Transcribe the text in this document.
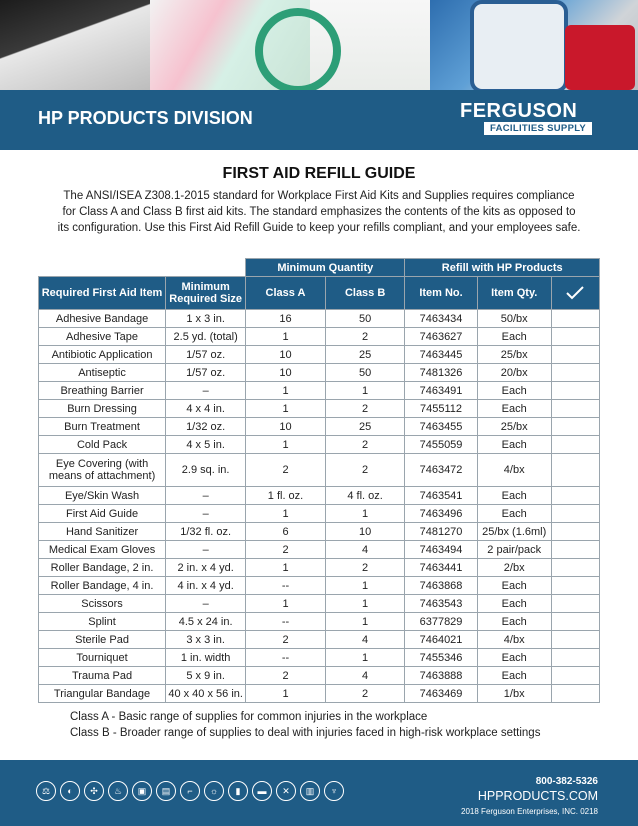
HP PRODUCTS DIVISION	FERGUSON
FACILITIES SUPPLY
FIRST AID REFILL GUIDE
The ANSI/ISEA Z308.1-2015 standard for Workplace First Aid Kits and Supplies requires compliance
for Class A and Class B first aid kits. The standard emphasizes the contents of the kits as opposed to
its configuration. Use this First Aid Refill Guide to keep your refills compliant, and your employees safe.
		Minimum Quantity		Refill with HP Products		
Required First Aid Item	Minimum Required Size	Class A	Class B	Item No.	Item Qty.	

Adhesive Bandage	1 x 3 in.	16	50	7463434	50/bx	
Adhesive Tape	2.5 yd. (total)	1	2	7463627	Each	
Antibiotic Application	1/57 oz.	10	25	7463445	25/bx	
Antiseptic	1/57 oz.	10	50	7481326	20/bx	
Breathing Barrier	–	1	1	7463491	Each	
Burn Dressing	4 x 4 in.	1	2	7455112	Each	
Burn Treatment	1/32 oz.	10	25	7463455	25/bx	
Cold Pack	4 x 5 in.	1	2	7455059	Each	
Eye Covering (with means of attachment)	2.9 sq. in.	2	2	7463472	4/bx	
Eye/Skin Wash	–	1 fl. oz.	4 fl. oz.	7463541	Each	
First Aid Guide	–	1	1	7463496	Each	
Hand Sanitizer	1/32 fl. oz.	6	10	7481270	25/bx (1.6ml)	
Medical Exam Gloves	–	2	4	7463494	2 pair/pack	
Roller Bandage, 2 in.	2 in. x 4 yd.	1	2	7463441	2/bx	
Roller Bandage, 4 in.	4 in. x 4 yd.	--	1	7463868	Each	
Scissors	–	1	1	7463543	Each	
Splint	4.5 x 24 in.	--	1	6377829	Each	
Sterile Pad	3 x 3 in.	2	4	7464021	4/bx	
Tourniquet	1 in. width	--	1	7455346	Each	
Trauma Pad	5 x 9 in.	2	4	7463888	Each	
Triangular Bandage	40 x 40 x 56 in.	1	2	7463469	1/bx	
Class A - Basic range of supplies for common injuries in the workplace
Class B - Broader range of supplies to deal with injuries faced in high-risk workplace settings
⚖	◐	✣	♨	▣	▤	⌐	☼	▮	▬	✕	▥	♆
800-382-5326
HPPRODUCTS.COM
2018 Ferguson Enterprises, INC. 0218
